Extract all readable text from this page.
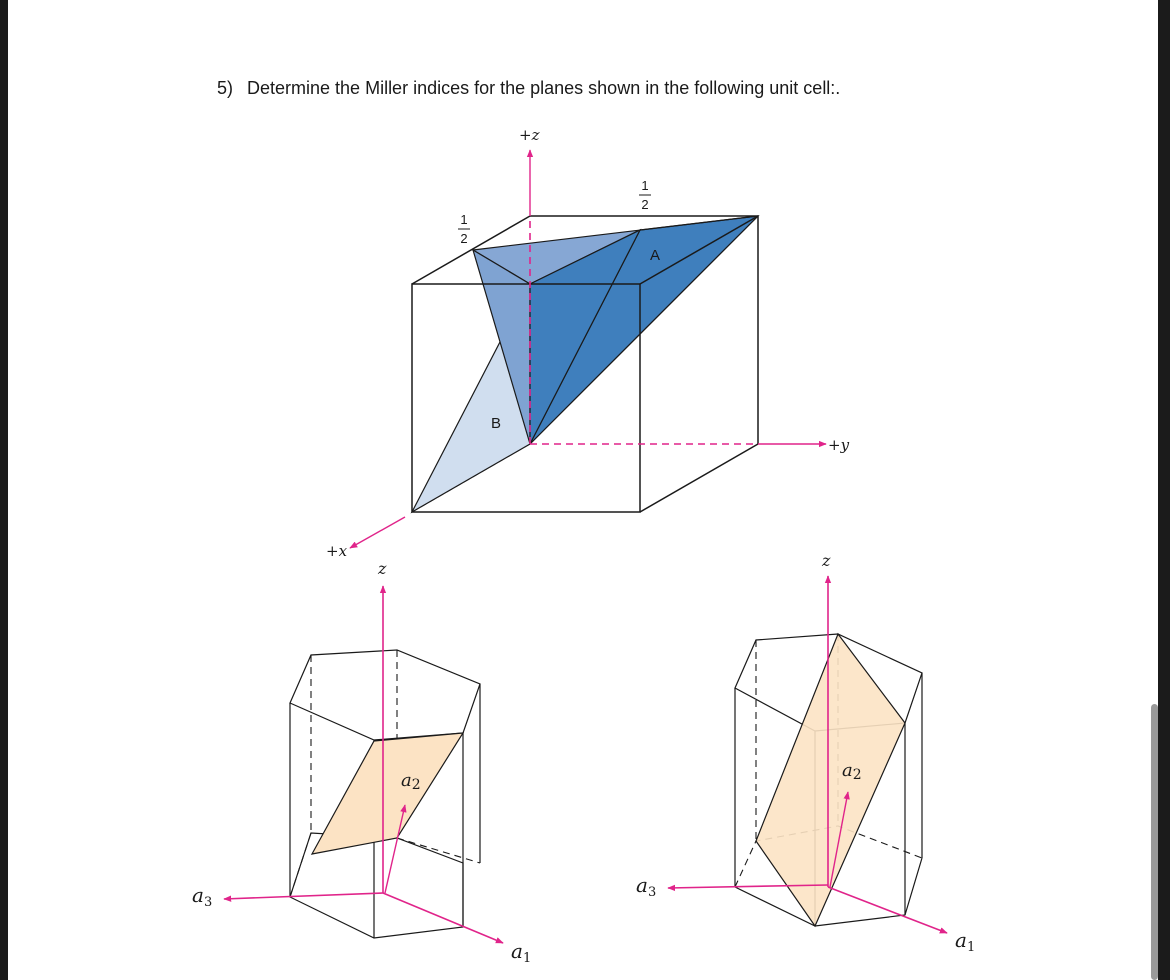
5) Determine the Miller indices for the planes shown in the following unit cell:.
+z
+y
+x
1
2
1
2
A
B
z
$a_1$
a2
$a_3$
z
$a_1$
a2
$a_3$
